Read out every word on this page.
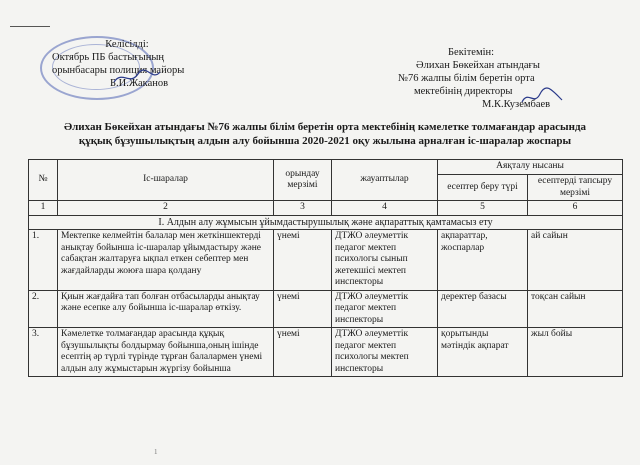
Келісілді:
Октябрь ПБ бастығының
орынбасары полиция майоры
Б.И.Жаканов
Бекітемін:
Әлихан Бөкейхан атындағы
№76 жалпы білім беретін орта
мектебінің директоры
М.К.Кузембаев
Әлихан Бөкейхан атындағы №76 жалпы білім беретін орта мектебінің кәмелетке толмағандар арасында
құқық бұзушылықтың алдын алу бойынша 2020-2021 оқу жылына арналған іс-шаралар жоспары
№	Іс-шаралар	орындау мерзімі	жауаптылар	Аяқталу нысаны	
				есептер беру түрі	есептерді тапсыру мерзімі
1	2	3	4	5	6
I. Алдын алу жұмысын ұйымдастырушылық және ақпараттық қамтамасыз ету					
1.	Мектепке келмейтін балалар мен жеткіншектерді анықтау бойынша іс-шаралар ұйымдастыру және сабақтан жалтаруға ықпал еткен себептер мен жағдайларды жоюға шара қолдану	үнемі	ДТЖО әлеуметтік педагог мектеп психологы сынып жетекшісі мектеп инспекторы	ақпараттар, жоспарлар	ай сайын
2.	Қиын жағдайға тап болған отбасыларды анықтау және есепке алу бойынша іс-шаралар өткізу.	үнемі	ДТЖО әлеуметтік педагог мектеп инспекторы	деректер базасы	тоқсан сайын
3.	Кәмелетке толмағандар арасында құқық бұзушылықты болдырмау бойынша,оның ішінде есептің әр түрлі түрінде тұрған балалармен үнемі алдын алу жұмыстарын жүргізу бойынша	үнемі	ДТЖО әлеуметтік педагог мектеп психологы мектеп инспекторы	қорытынды мәтіндік ақпарат	жыл бойы
1
